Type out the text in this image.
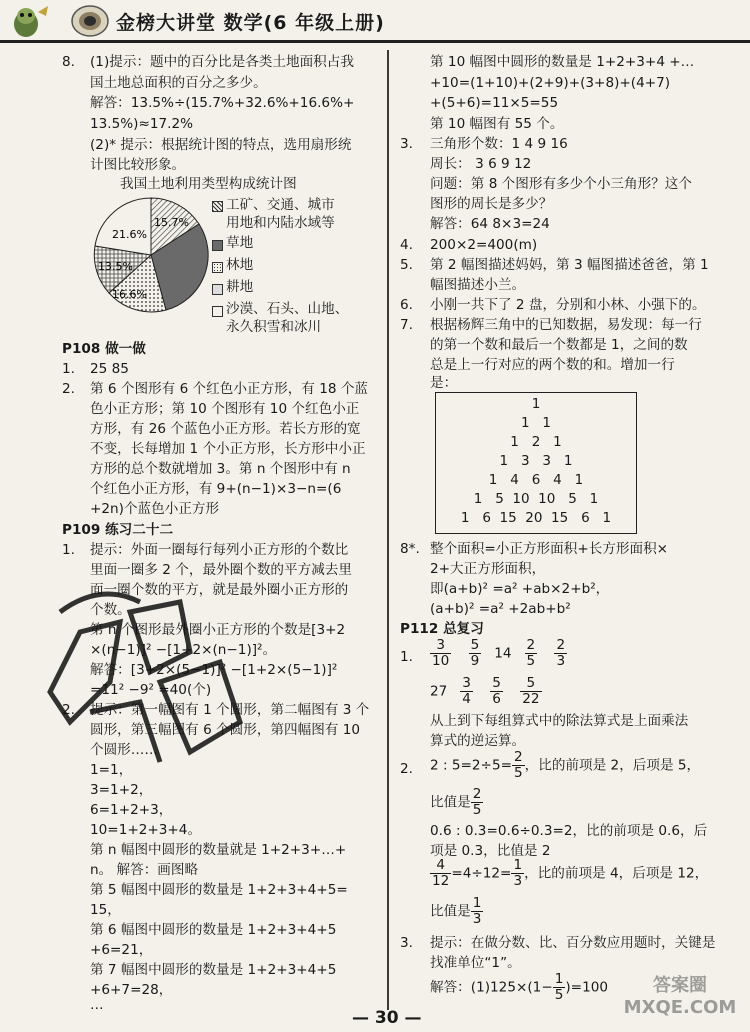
金榜大讲堂 数学(6 年级上册)
8. (1)提示：题中的百分比是各类土地面积占我
国土地总面积的百分之多少。
解答：13.5%÷(15.7%+32.6%+16.6%+
13.5%)≈17.2%
(2)* 提示：根据统计图的特点，选用扇形统
计图比较形象。
我国土地利用类型构成统计图
15.7%
21.6%
13.5%
16.6%
工矿、交通、城市
用地和内陆水域等
草地
林地
耕地
沙漠、石头、山地、
永久积雪和冰川
P108 做一做
1. 25 85
2. 第 6 个图形有 6 个红色小正方形，有 18 个蓝
色小正方形；第 10 个图形有 10 个红色小正
方形，有 26 个蓝色小正方形。若长方形的宽
不变，长每增加 1 个小正方形，长方形中小正
方形的总个数就增加 3。第 n 个图形中有 n
个红色小正方形，有 9+(n−1)×3−n=(6
+2n)个蓝色小正方形
P109 练习二十二
1. 提示：外面一圈每行每列小正方形的个数比
里面一圈多 2 个，最外圈个数的平方减去里
面一圈个数的平方，就是最外圈小正方形的
个数。
第 n 个图形最外圈小正方形的个数是[3+2
×(n−1)]² −[1+2×(n−1)]²。
解答：[3+2×(5−1)]² −[1+2×(5−1)]²
=11² −9² =40(个)
2. 提示：第一幅图有 1 个圆形，第二幅图有 3 个
圆形，第三幅图有 6 个圆形，第四幅图有 10
个圆形……
1=1，
3=1+2，
6=1+2+3，
10=1+2+3+4。
第 n 幅图中圆形的数量就是 1+2+3+…+
n。 解答：画图略
第 5 幅图中圆形的数量是 1+2+3+4+5=
15，
第 6 幅图中圆形的数量是 1+2+3+4+5
+6=21，
第 7 幅图中圆形的数量是 1+2+3+4+5
+6+7=28，
…
第 10 幅图中圆形的数量是 1+2+3+4 +…
+10=(1+10)+(2+9)+(3+8)+(4+7)
+(5+6)=11×5=55
第 10 幅图有 55 个。
3. 三角形个数：1 4 9 16
周长： 3 6 9 12
问题：第 8 个图形有多少个小三角形？这个
图形的周长是多少？
解答：64 8×3=24
4. 200×2=400(m)
5. 第 2 幅图描述妈妈，第 3 幅图描述爸爸，第 1
幅图描述小兰。
6. 小刚一共下了 2 盘，分别和小林、小强下的。
7. 根据杨辉三角中的已知数据，易发现：每一行
的第一个数和最后一个数都是 1，之间的数
总是上一行对应的两个数的和。增加一行
是：
1
1   1
1   2   1
1   3   3   1
1   4   6   4   1
1   5  10  10   5   1
1   6  15  20  15   6   1
8*. 整个面积=小正方形面积+长方形面积×
2+大正方形面积，
即(a+b)² =a² +ab×2+b²，
(a+b)² =a² +2ab+b²
P112 总复习
1. $\frac{3}{10}$
$\frac{5}{9} 14 \frac{2}{5}$
$\frac{2}{3}$
$27 \frac{3}{4}$
$\frac{5}{6}$
$\frac{5}{22}$
从上到下每组算式中的除法算式是上面乘法
算式的逆运算。
2. 2 : $5=2\div 5= \frac{2}{5}$ ，比的前项是 2，后项是 5，
比值是 $\frac{2}{5}$
0.6 : 0.3=0.6÷0.3=2，比的前项是 0.6，后
项是 0.3，比值是 2
$\frac{4}{12} =4\div 12= \frac{1}{3}$ ，比的前项是 4，后项是 12，
比值是 $\frac{1}{3}$
3. 提示：在做分数、比、百分数应用题时，关键是
找准单位“1”。
解答：$(1)125\times(1- \frac{1}{5} )=100$	答案圈 MXQE.COM
— 30 —
